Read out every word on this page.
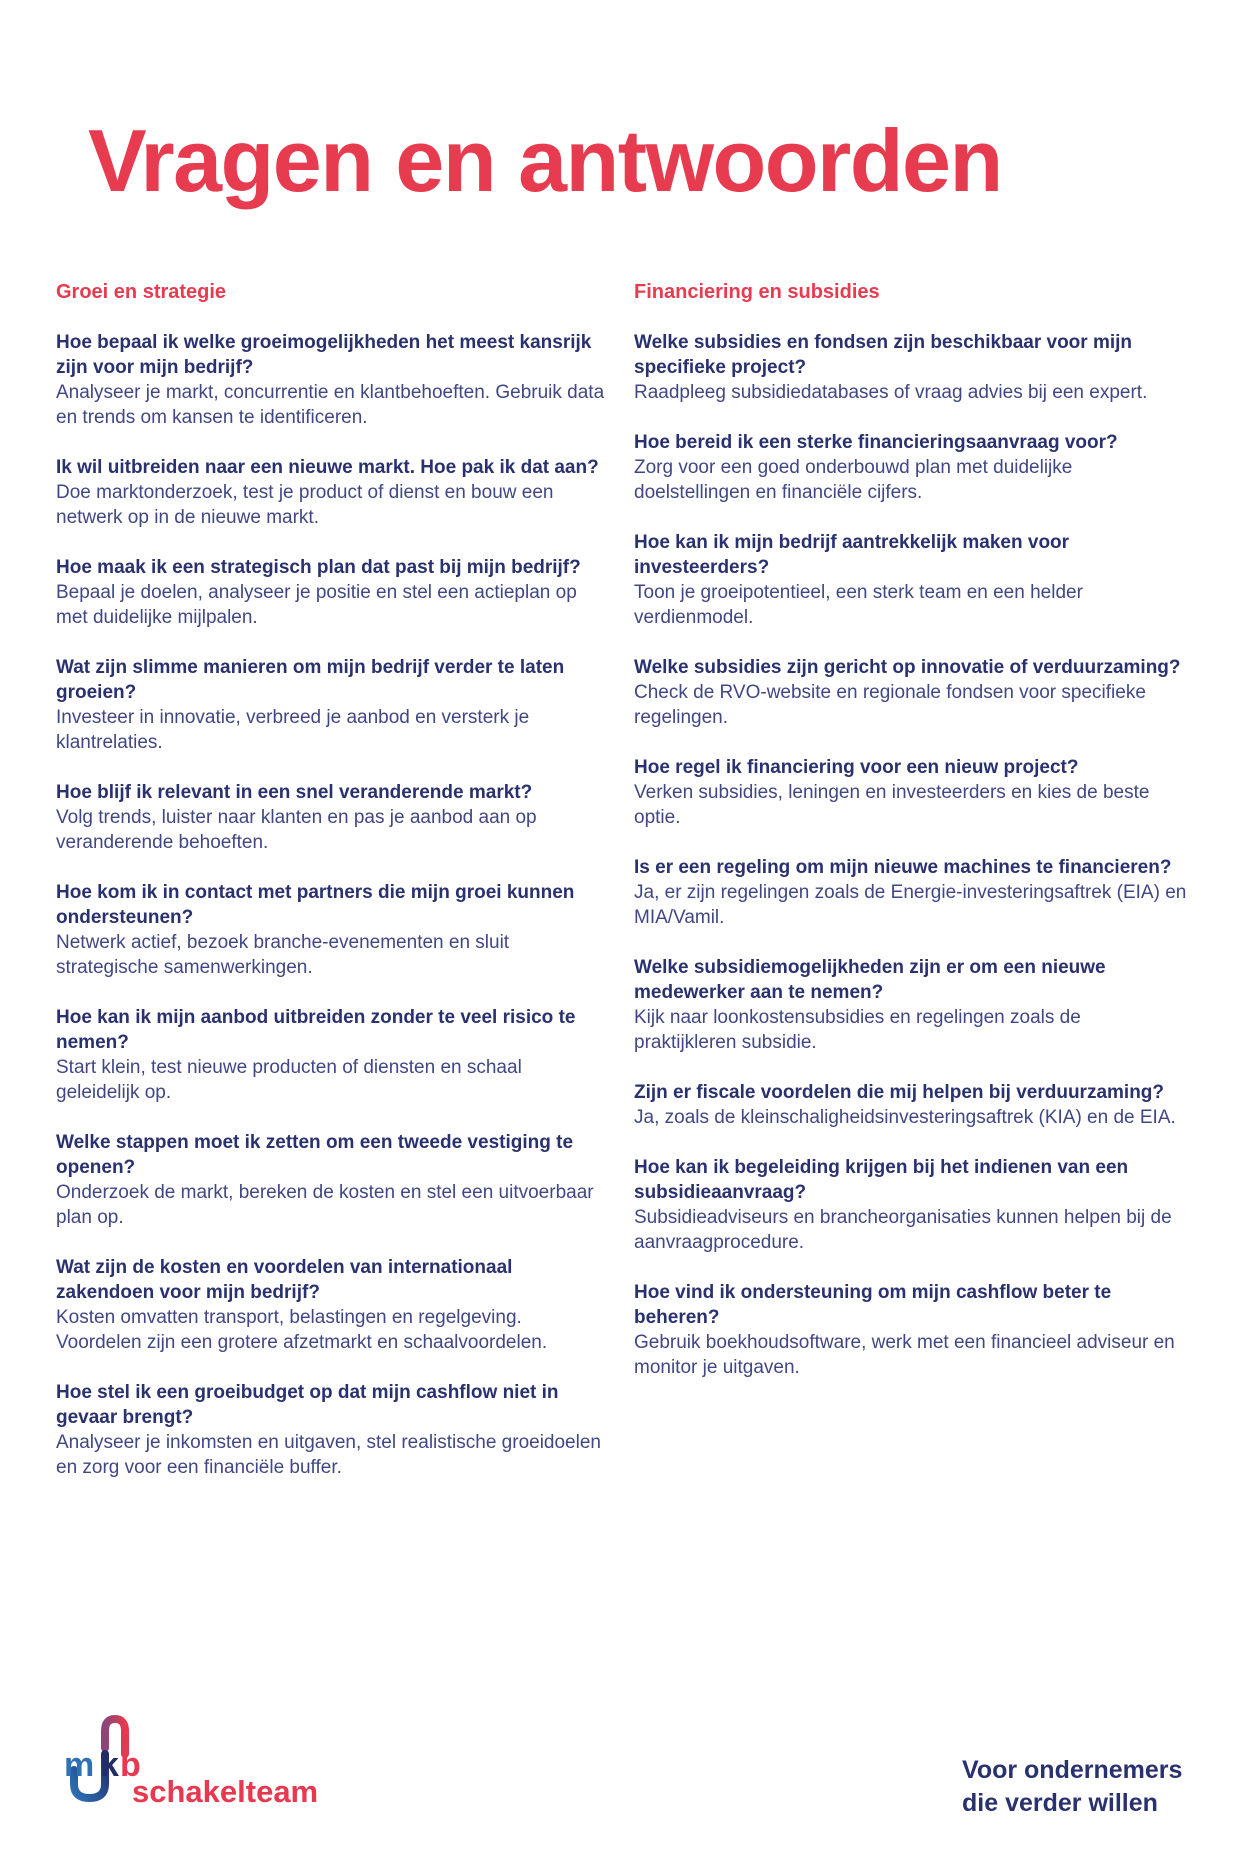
Vragen en antwoorden
Groei en strategie

Hoe bepaal ik welke groeimogelijkheden het meest kansrijk zijn voor mijn bedrijf?

Analyseer je markt, concurrentie en klantbehoeften. Gebruik data en trends om kansen te identificeren.

Ik wil uitbreiden naar een nieuwe markt. Hoe pak ik dat aan?

Doe marktonderzoek, test je product of dienst en bouw een netwerk op in de nieuwe markt.

Hoe maak ik een strategisch plan dat past bij mijn bedrijf?

Bepaal je doelen, analyseer je positie en stel een actieplan op met duidelijke mijlpalen.

Wat zijn slimme manieren om mijn bedrijf verder te laten groeien?

Investeer in innovatie, verbreed je aanbod en versterk je klantrelaties.

Hoe blijf ik relevant in een snel veranderende markt?

Volg trends, luister naar klanten en pas je aanbod aan op veranderende behoeften.

Hoe kom ik in contact met partners die mijn groei kunnen ondersteunen?

Netwerk actief, bezoek branche-evenementen en sluit strategische samenwerkingen.

Hoe kan ik mijn aanbod uitbreiden zonder te veel risico te nemen?

Start klein, test nieuwe producten of diensten en schaal geleidelijk op.

Welke stappen moet ik zetten om een tweede vestiging te openen?

Onderzoek de markt, bereken de kosten en stel een uitvoerbaar plan op.

Wat zijn de kosten en voordelen van internationaal zakendoen voor mijn bedrijf?

Kosten omvatten transport, belastingen en regelgeving. Voordelen zijn een grotere afzetmarkt en schaalvoordelen.

Hoe stel ik een groeibudget op dat mijn cashflow niet in gevaar brengt?

Analyseer je inkomsten en uitgaven, stel realistische groeidoelen en zorg voor een financiële buffer.

Financiering en subsidies

Welke subsidies en fondsen zijn beschikbaar voor mijn specifieke project?

Raadpleeg subsidiedatabases of vraag advies bij een expert.

Hoe bereid ik een sterke financieringsaanvraag voor?

Zorg voor een goed onderbouwd plan met duidelijke doelstellingen en financiële cijfers.

Hoe kan ik mijn bedrijf aantrekkelijk maken voor investeerders?

Toon je groeipotentieel, een sterk team en een helder verdienmodel.

Welke subsidies zijn gericht op innovatie of verduurzaming?

Check de RVO-website en regionale fondsen voor specifieke regelingen.

Hoe regel ik financiering voor een nieuw project?

Verken subsidies, leningen en investeerders en kies de beste optie.

Is er een regeling om mijn nieuwe machines te financieren?

Ja, er zijn regelingen zoals de Energie-investeringsaftrek (EIA) en MIA/Vamil.

Welke subsidiemogelijkheden zijn er om een nieuwe medewerker aan te nemen?

Kijk naar loonkostensubsidies en regelingen zoals de praktijkleren subsidie.

Zijn er fiscale voordelen die mij helpen bij verduurzaming?

Ja, zoals de kleinschaligheidsinvesteringsaftrek (KIA) en de EIA.

Hoe kan ik begeleiding krijgen bij het indienen van een subsidieaanvraag?

Subsidieadviseurs en brancheorganisaties kunnen helpen bij de aanvraagprocedure.

Hoe vind ik ondersteuning om mijn cashflow beter te beheren?

Gebruik boekhoudsoftware, werk met een financieel adviseur en monitor je uitgaven.

m k b
schakelteam
Voor ondernemers
die verder willen
